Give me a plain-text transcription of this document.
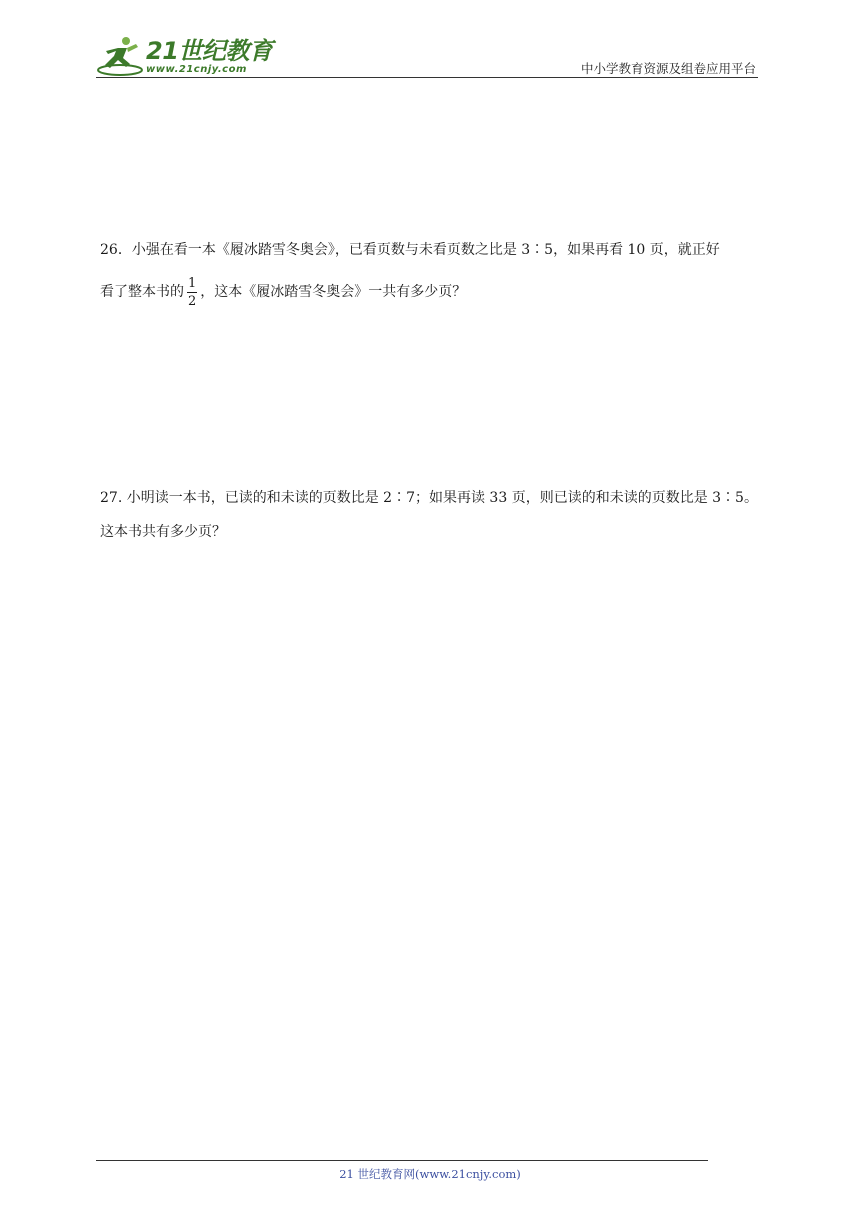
21世纪教育
www.21cnjy.com	中小学教育资源及组卷应用平台
26．小强在看一本《履冰踏雪冬奥会》，已看页数与未看页数之比是 3∶5，如果再看 10 页，就正好
看了整本书的 $\frac{1}{2}$ ，这本《履冰踏雪冬奥会》一共有多少页？
27. 小明读一本书，已读的和未读的页数比是 2∶7；如果再读 33 页，则已读的和未读的页数比是 3∶5。
这本书共有多少页？
21 世纪教育网(www.21cnjy.com)
